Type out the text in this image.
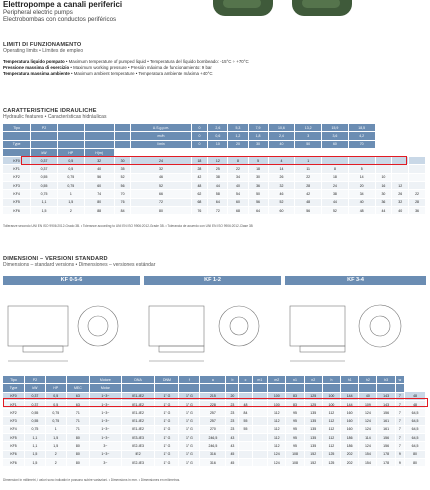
Elettropompe a canali periferici
Peripheral electric pumps
Electrobombas con conductos periféricos
LIMITI DI FUNZIONAMENTO
Operating limits • Límites de empleo
Temperatura liquido pompato • Maximum temperature of pumped liquid • Temperatura del líquido bombeado: -15°C ÷ +70°C
Pressione massima di esercizio • Maximum working pressure • Presión máxima de funcionamiento: 9 bar
Temperatura massima ambiente • Maximum ambient temperature • Temperatura ambiente máxima +40°C
CARATTERISTICHE IDRAULICHE
Hydraulic features • Características hidráulicas
Tipo	P2				U.S.g.p.m.	0	2,6	5,3	7,9	10,6	13,2	15,9	18,5			
					m³/h	0	0,6	1,2	1,8	2,4	3	3,6	4,2			
Type					l/min	0	10	20	30	40	50	60	70			
	kW	HP	H(m)													
KF0	0,37	0,5	32	30	24	18	12	8	5	4	1					
KF1	0,37	0,5	40	35	32	28	25	22	18	14	11	8	5			
KF2	0,55	0,75	56	52	46	42	38	34	30	26	22	18	14	10		
KF3	0,55	0,75	60	56	52	48	44	40	36	32	28	24	20	16	12	
KF4	0,75	1	74	70	66	62	58	54	50	46	42	38	34	30	26	22
KF5	1,1	1,5	80	76	72	68	64	60	56	52	48	44	40	36	32	28
KF6	1,5	2	88	84	80	76	72	68	64	60	56	52	48	44	40	36
Tolleranze secondo UNI EN ISO 9906:2012-Grado 3B. • Tolerance according to UNI EN ISO 9906:2012-Grade 3B. • Tolerancia de acuerdo con UNI EN ISO 9906:2012-Clase 3B
DIMENSIONI – VERSIONI STANDARD
Dimensions – standard versions • Dimensiones – versiones estándar
KF 0-5-6	KF 1-2	KF 3-4
Tipo	P2			Motore	DNA	DNM	f	a	b	c	m1	m2	n1	n2	h	h1	h2	h3	w	
Type	kW	HP	MEC	Motor																
KF0	0,37	0,5	63	1~3~	IE1-IE2	1" G	1" G	215	20			100	83	125	100	144	40	143	7	48
KF1	0,37	0,5	63	1~3~	IE1-IE2	1" G	1" G	228	23	48		100	83	125	100	144	109	143	7	48
KF2	0,55	0,75	71	1~3~	IE1-IE2	1" G	1" G	257	23	84		112	95	135	112	160	124	156	7	64,5
KF3	0,55	0,75	71	1~3~	IE1-IE2	1" G	1" G	257	23	55		112	95	135	112	160	124	161	7	64,5
KF4	0,75	1	71	1~3~	IE1-IE2	1" G	1" G	270	23	55		112	95	135	112	160	124	161	7	64,5
KF5	1,1	1,5	80	1~3~	IE3-IE3	1" G	1" G	246,5	43			112	95	135	112	186	114	156	7	64,5
KF5	1,1	1,5	80	3~	IE2-IE3	1" G	1" G	246,5	43			112	95	135	112	186	124	156	7	64,5
KF6	1,5	2	80	1~3~	IE2	1" G	1" G	316	45			124	108	152	125	202	154	178	9	80
KF6	1,5	2	80	3~	IE2-IE3	1" G	1" G	316	45			124	108	152	125	202	154	178	9	80
Dimensioni in millimetri, i valori sono indicativi e possono subire variazioni. • Dimensions in mm. • Dimensiones en milímetros.
